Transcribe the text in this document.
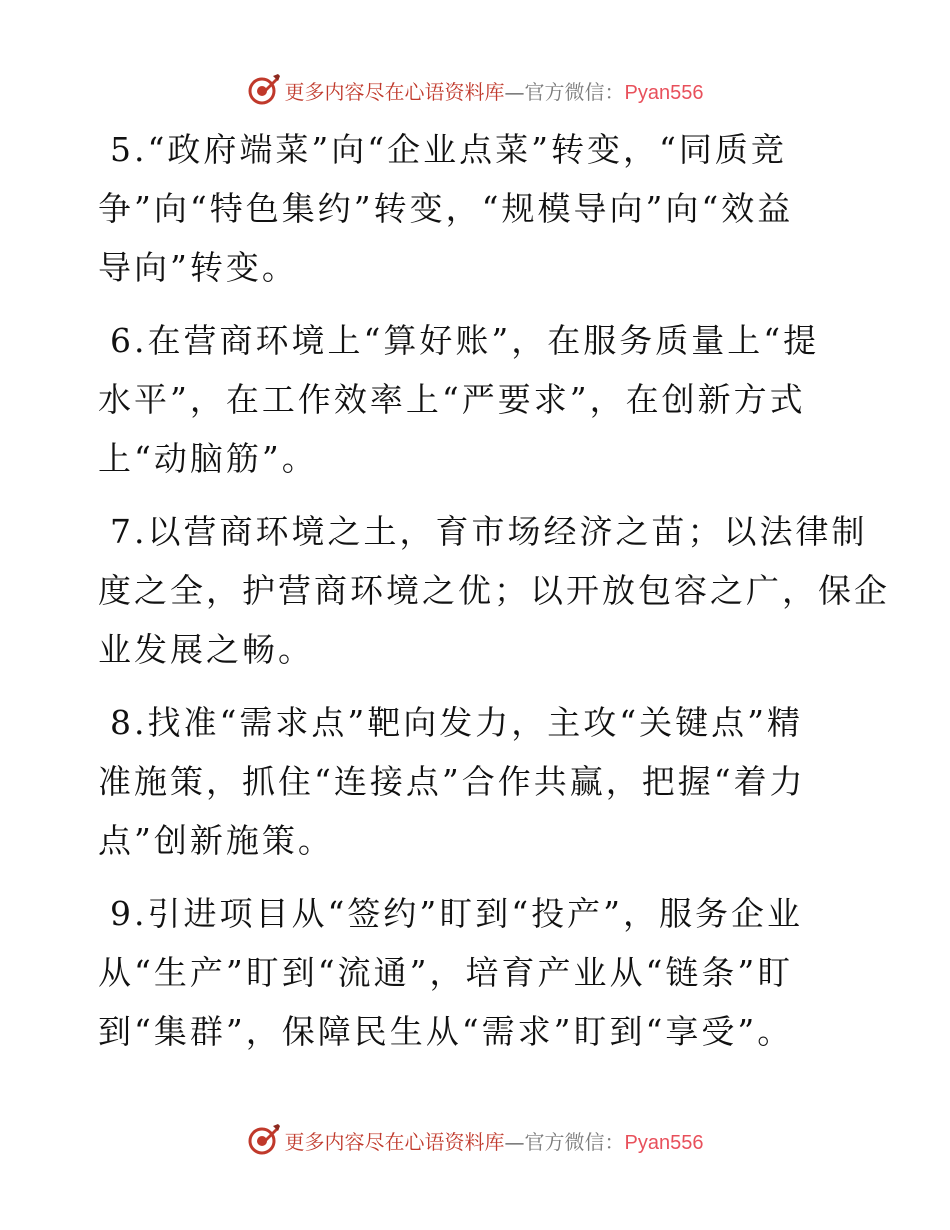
更多内容尽在心语资料库—官方微信：Pyan556
5.“政府端菜”向“企业点菜”转变，“同质竞
争”向“特色集约”转变，“规模导向”向“效益
导向”转变。
6.在营商环境上“算好账”，在服务质量上“提
水平”，在工作效率上“严要求”，在创新方式
上“动脑筋”。
7.以营商环境之土，育市场经济之苗；以法律制
度之全，护营商环境之优；以开放包容之广，保企
业发展之畅。
8.找准“需求点”靶向发力，主攻“关键点”精
准施策，抓住“连接点”合作共赢，把握“着力
点”创新施策。
9.引进项目从“签约”盯到“投产”，服务企业
从“生产”盯到“流通”，培育产业从“链条”盯
到“集群”，保障民生从“需求”盯到“享受”。
更多内容尽在心语资料库—官方微信：Pyan556
